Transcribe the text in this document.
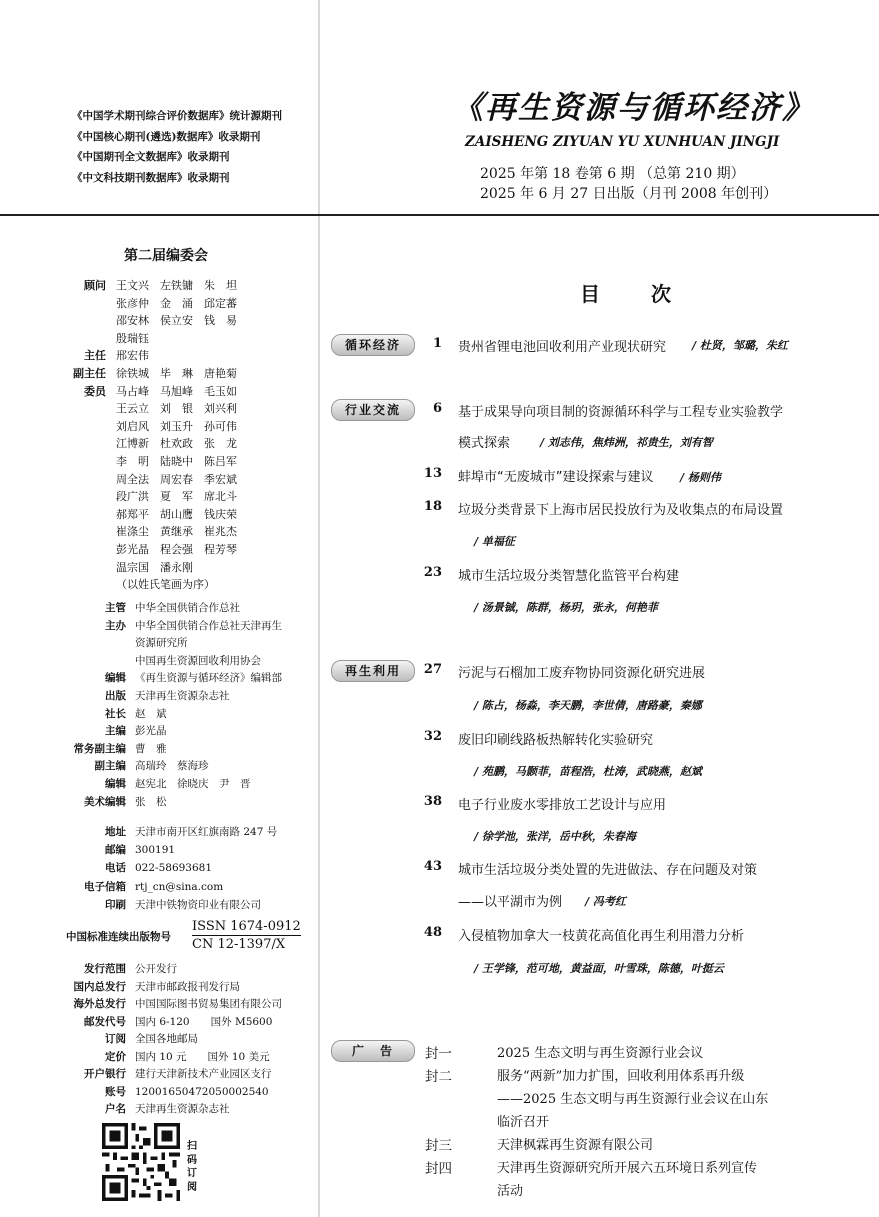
《中国学术期刊综合评价数据库》统计源期刊
《中国核心期刊(遴选)数据库》收录期刊
《中国期刊全文数据库》收录期刊
《中文科技期刊数据库》收录期刊
《再生资源与循环经济》
ZAISHENG ZIYUAN YU XUNHUAN JINGJI
2025 年第 18 卷第 6 期 （总第 210 期）
2025 年 6 月 27 日出版（月刊 2008 年创刊）
第二届编委会
顾问 王文兴　左铁镛　朱　坦
张彦仲　金　涌　邱定蕃
邵安林　侯立安　钱　易
殷瑞钰
主任 邢宏伟
副主任 徐铁城　毕　琳　唐艳菊
委员 马占峰　马旭峰　毛玉如
王云立　刘　银　刘兴利
刘启风　刘玉升　孙可伟
江博新　杜欢政　张　龙
李　明　陆晓中　陈吕军
周全法　周宏春　季宏斌
段广洪　夏　军　席北斗
郝郑平　胡山鹰　钱庆荣
崔涤尘　黄继承　崔兆杰
彭光晶　程会强　程芳琴
温宗国　潘永刚
（以姓氏笔画为序）
主管 中华全国供销合作总社
主办 中华全国供销合作总社天津再生
资源研究所
中国再生资源回收利用协会
编辑 《再生资源与循环经济》编辑部
出版 天津再生资源杂志社
社长 赵　斌
主编 彭光晶
常务副主编 曹　雅
副主编 高瑞玲　蔡海珍
编辑 赵宪北　徐晓庆　尹　晋
美术编辑 张　松
地址 天津市南开区红旗南路 247 号
邮编 300191
电话 022-58693681
电子信箱 rtj_cn@sina.com
印刷 天津中铁物资印业有限公司
中国标准连续出版物号
ISSN 1674-0912
CN 12-1397/X
发行范围 公开发行
国内总发行 天津市邮政报刊发行局
海外总发行 中国国际图书贸易集团有限公司
邮发代号 国内 6-120　　国外 M5600
订阅 全国各地邮局
定价 国内 10 元　　国外 10 美元
开户银行 建行天津新技术产业园区支行
账号 12001650472050002540
户名 天津再生资源杂志社
扫码订阅
目 次
循环经济
行业交流
再生利用
广　告
1 贵州省锂电池回收利用产业现状研究 / 杜贤，邹璐，朱红
6 基于成果导向项目制的资源循环科学与工程专业实验教学
模式探索	/ 刘志伟，焦炜洲，祁贵生，刘有智
13 蚌埠市“无废城市”建设探索与建议 / 杨则伟
18 垃圾分类背景下上海市居民投放行为及收集点的布局设置
/ 单福征
23 城市生活垃圾分类智慧化监管平台构建
/ 汤景铖，陈群，杨玥，张永，何艳菲
27 污泥与石榴加工废弃物协同资源化研究进展
/ 陈占，杨淼，李天鹏，李世倩，唐路豪，秦娜
32 废旧印刷线路板热解转化实验研究
/ 苑鹏，马颢菲，苗程浩，杜涛，武晓燕，赵斌
38 电子行业废水零排放工艺设计与应用
/ 徐学池，张洋，岳中秋，朱春海
43 城市生活垃圾分类处置的先进做法、存在问题及对策
——以平湖市为例 / 冯考红
48 入侵植物加拿大一枝黄花高值化再生利用潜力分析
/ 王学锋，范可地，黄益面，叶雪珠，陈德，叶挺云
封一	2025 生态文明与再生资源行业会议
封二	服务“两新”加力扩围，回收利用体系再升级
——2025 生态文明与再生资源行业会议在山东
临沂召开
封三	天津枫霖再生资源有限公司
封四	天津再生资源研究所开展六五环境日系列宣传
活动
